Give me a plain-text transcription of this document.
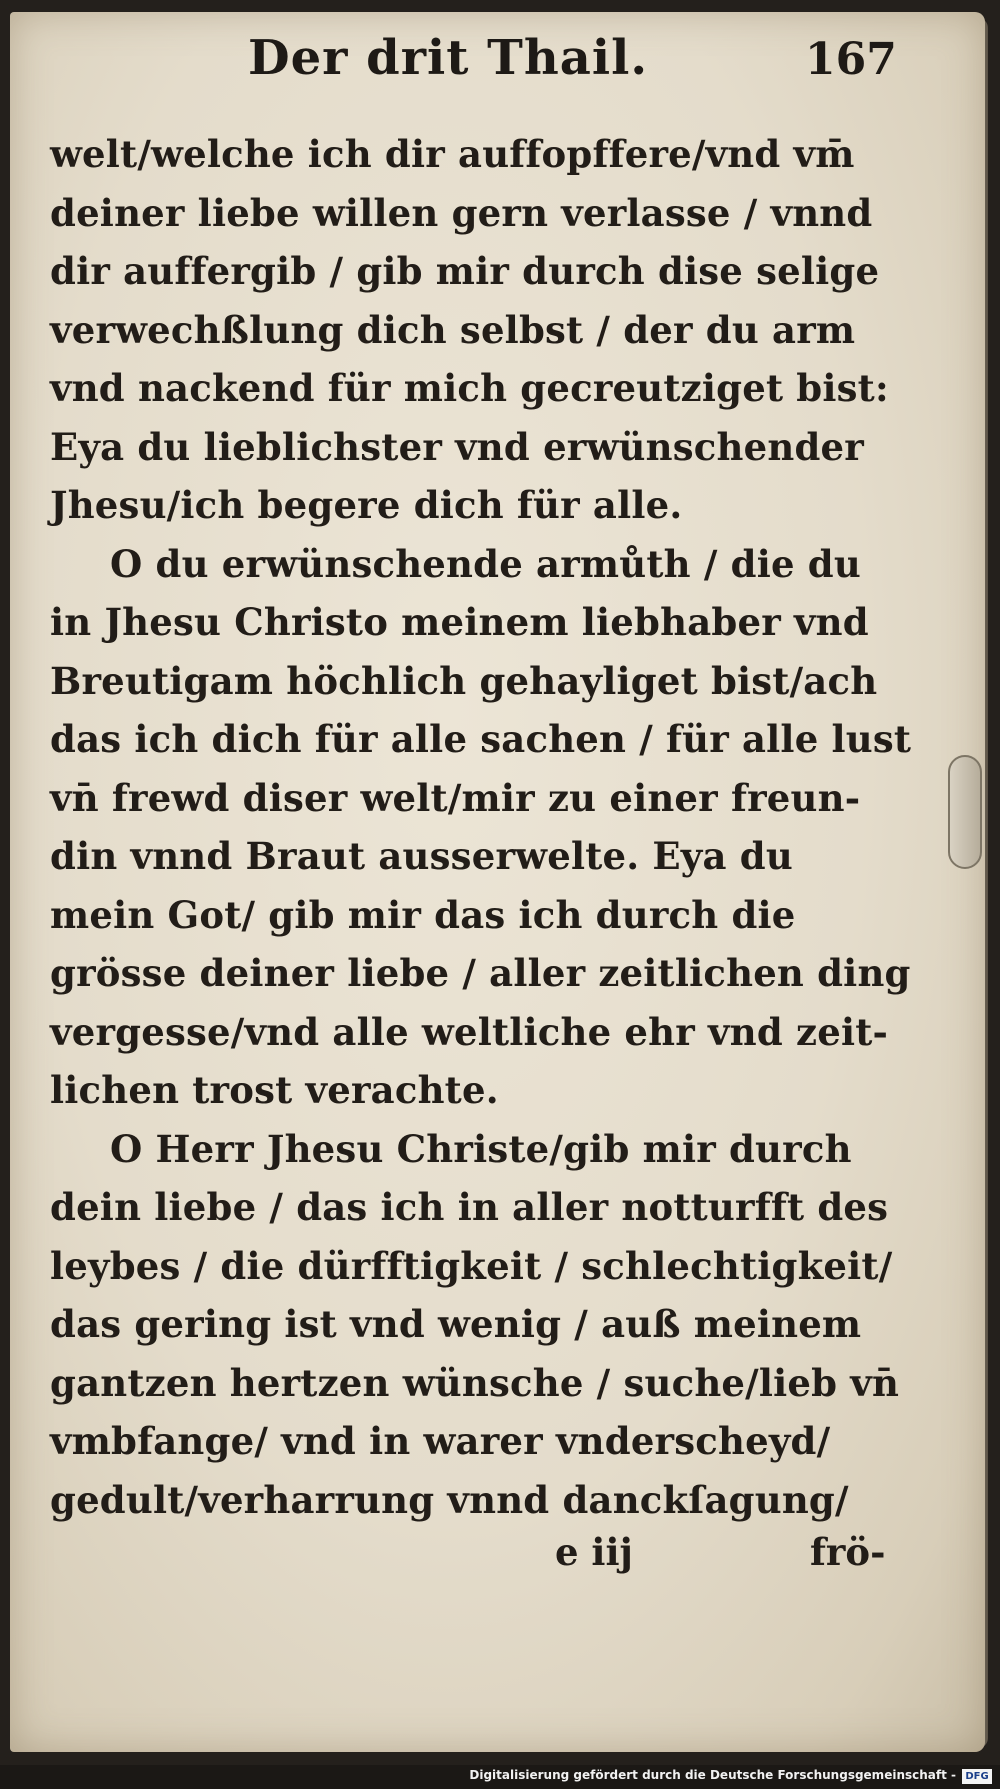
Der drit Thail.	167
welt/welche ich dir auffopffere/vnd vm̄
deiner liebe willen gern verlasse / vnnd
dir auffergib / gib mir durch dise selige
verwechßlung dich selbst / der du arm
vnd nackend für mich gecreutziget bist:
Eya du lieblichster vnd erwünschender
Jhesu/ich begere dich für alle.
O du erwünschende armůth / die du
in Jhesu Christo meinem liebhaber vnd
Breutigam höchlich gehayliget bist/ach
das ich dich für alle sachen / für alle lust
vn̄ frewd diser welt/mir zu einer freun-
din vnnd Braut ausserwelte. Eya du
mein Got/ gib mir das ich durch die
grösse deiner liebe / aller zeitlichen ding
vergesse/vnd alle weltliche ehr vnd zeit-
lichen trost verachte.
O Herr Jhesu Christe/gib mir durch
dein liebe / das ich in aller notturfft des
leybes / die dürfftigkeit / schlechtigkeit/
das gering ist vnd wenig / auß meinem
gantzen hertzen wünsche / suche/lieb vn̄
vmbfange/ vnd in warer vnderscheyd/
gedult/verharrung vnnd danckſagung/
e iij	frö-
Digitalisierung gefördert durch die Deutsche Forschungsgemeinschaft - DFG
